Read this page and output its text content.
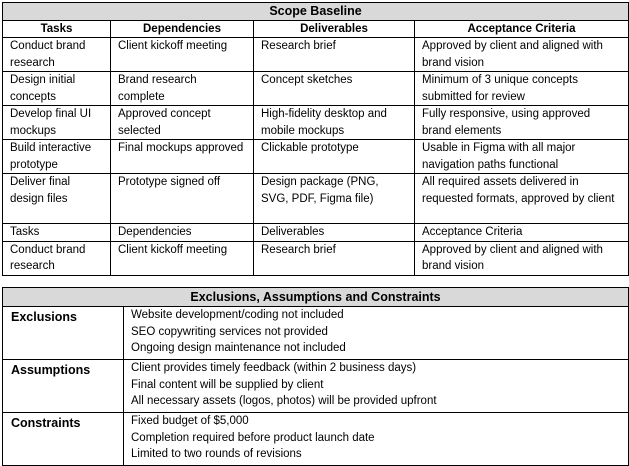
Scope Baseline			
Tasks	Dependencies	Deliverables	Acceptance Criteria
Conduct brand research	Client kickoff meeting	Research brief	Approved by client and aligned with brand vision
Design initial concepts	Brand research complete	Concept sketches	Minimum of 3 unique concepts submitted for review
Develop final UI mockups	Approved concept selected	High-fidelity desktop and mobile mockups	Fully responsive, using approved brand elements
Build interactive prototype	Final mockups approved	Clickable prototype	Usable in Figma with all major navigation paths functional
Deliver final design files	Prototype signed off	Design package (PNG, SVG, PDF, Figma file)	All required assets delivered in requested formats, approved by client
Tasks	Dependencies	Deliverables	Acceptance Criteria
Conduct brand research	Client kickoff meeting	Research brief	Approved by client and aligned with brand vision
Exclusions, Assumptions and Constraints	
Exclusions	Website development/coding not included
SEO copywriting services not provided
Ongoing design maintenance not included

Assumptions	Client provides timely feedback (within 2 business days)
Final content will be supplied by client
All necessary assets (logos, photos) will be provided upfront

Constraints	Fixed budget of $5,000
Completion required before product launch date
Limited to two rounds of revisions
